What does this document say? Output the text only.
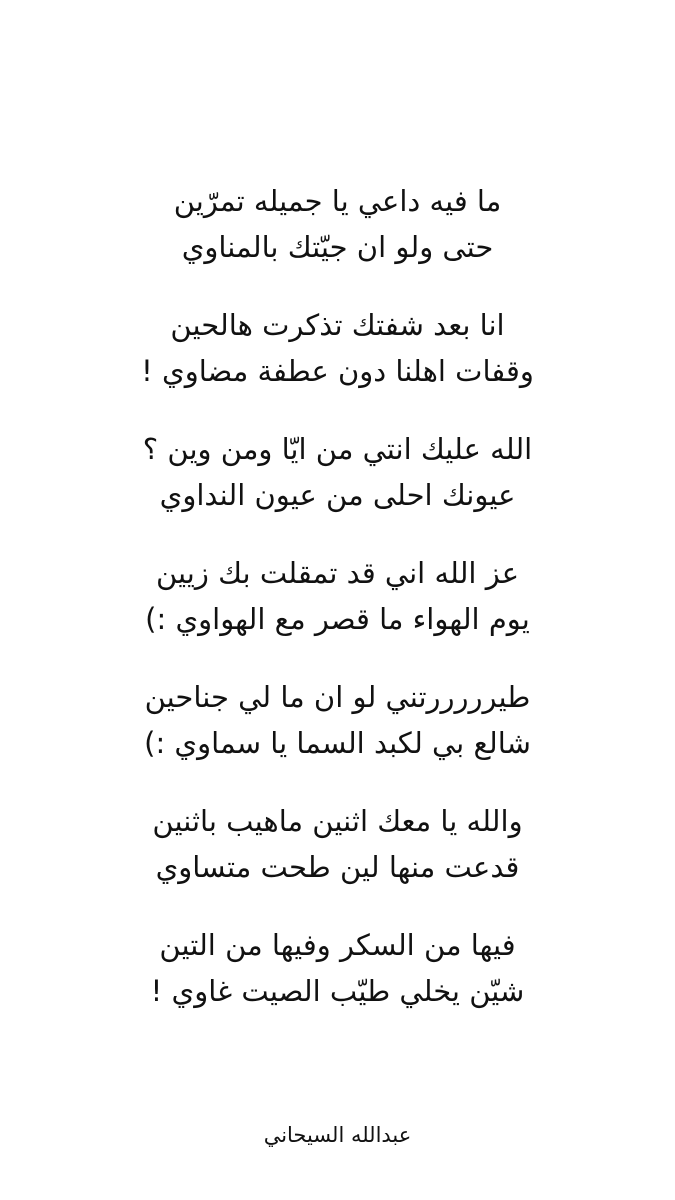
ما فيه داعي يا جميله تمرّين
حتى ولو ان جيّتك بالمناوي
انا بعد شفتك تذكرت هالحين
وقفات اهلنا دون عطفة مضاوي !
الله عليك انتي من ايّا ومن وين ؟
عيونك احلى من عيون النداوي
عز الله اني قد تمقلت بك زيين
يوم الهواء ما قصر مع الهواوي :)
طيرررررتني لو ان ما لي جناحين
شالع بي لكبد السما يا سماوي :)
والله يا معك اثنين ماهيب باثنين
قدعت منها لين طحت متساوي
فيها من السكر وفيها من التين
شيّن يخلي طيّب الصيت غاوي !
عبدالله السيحاني
